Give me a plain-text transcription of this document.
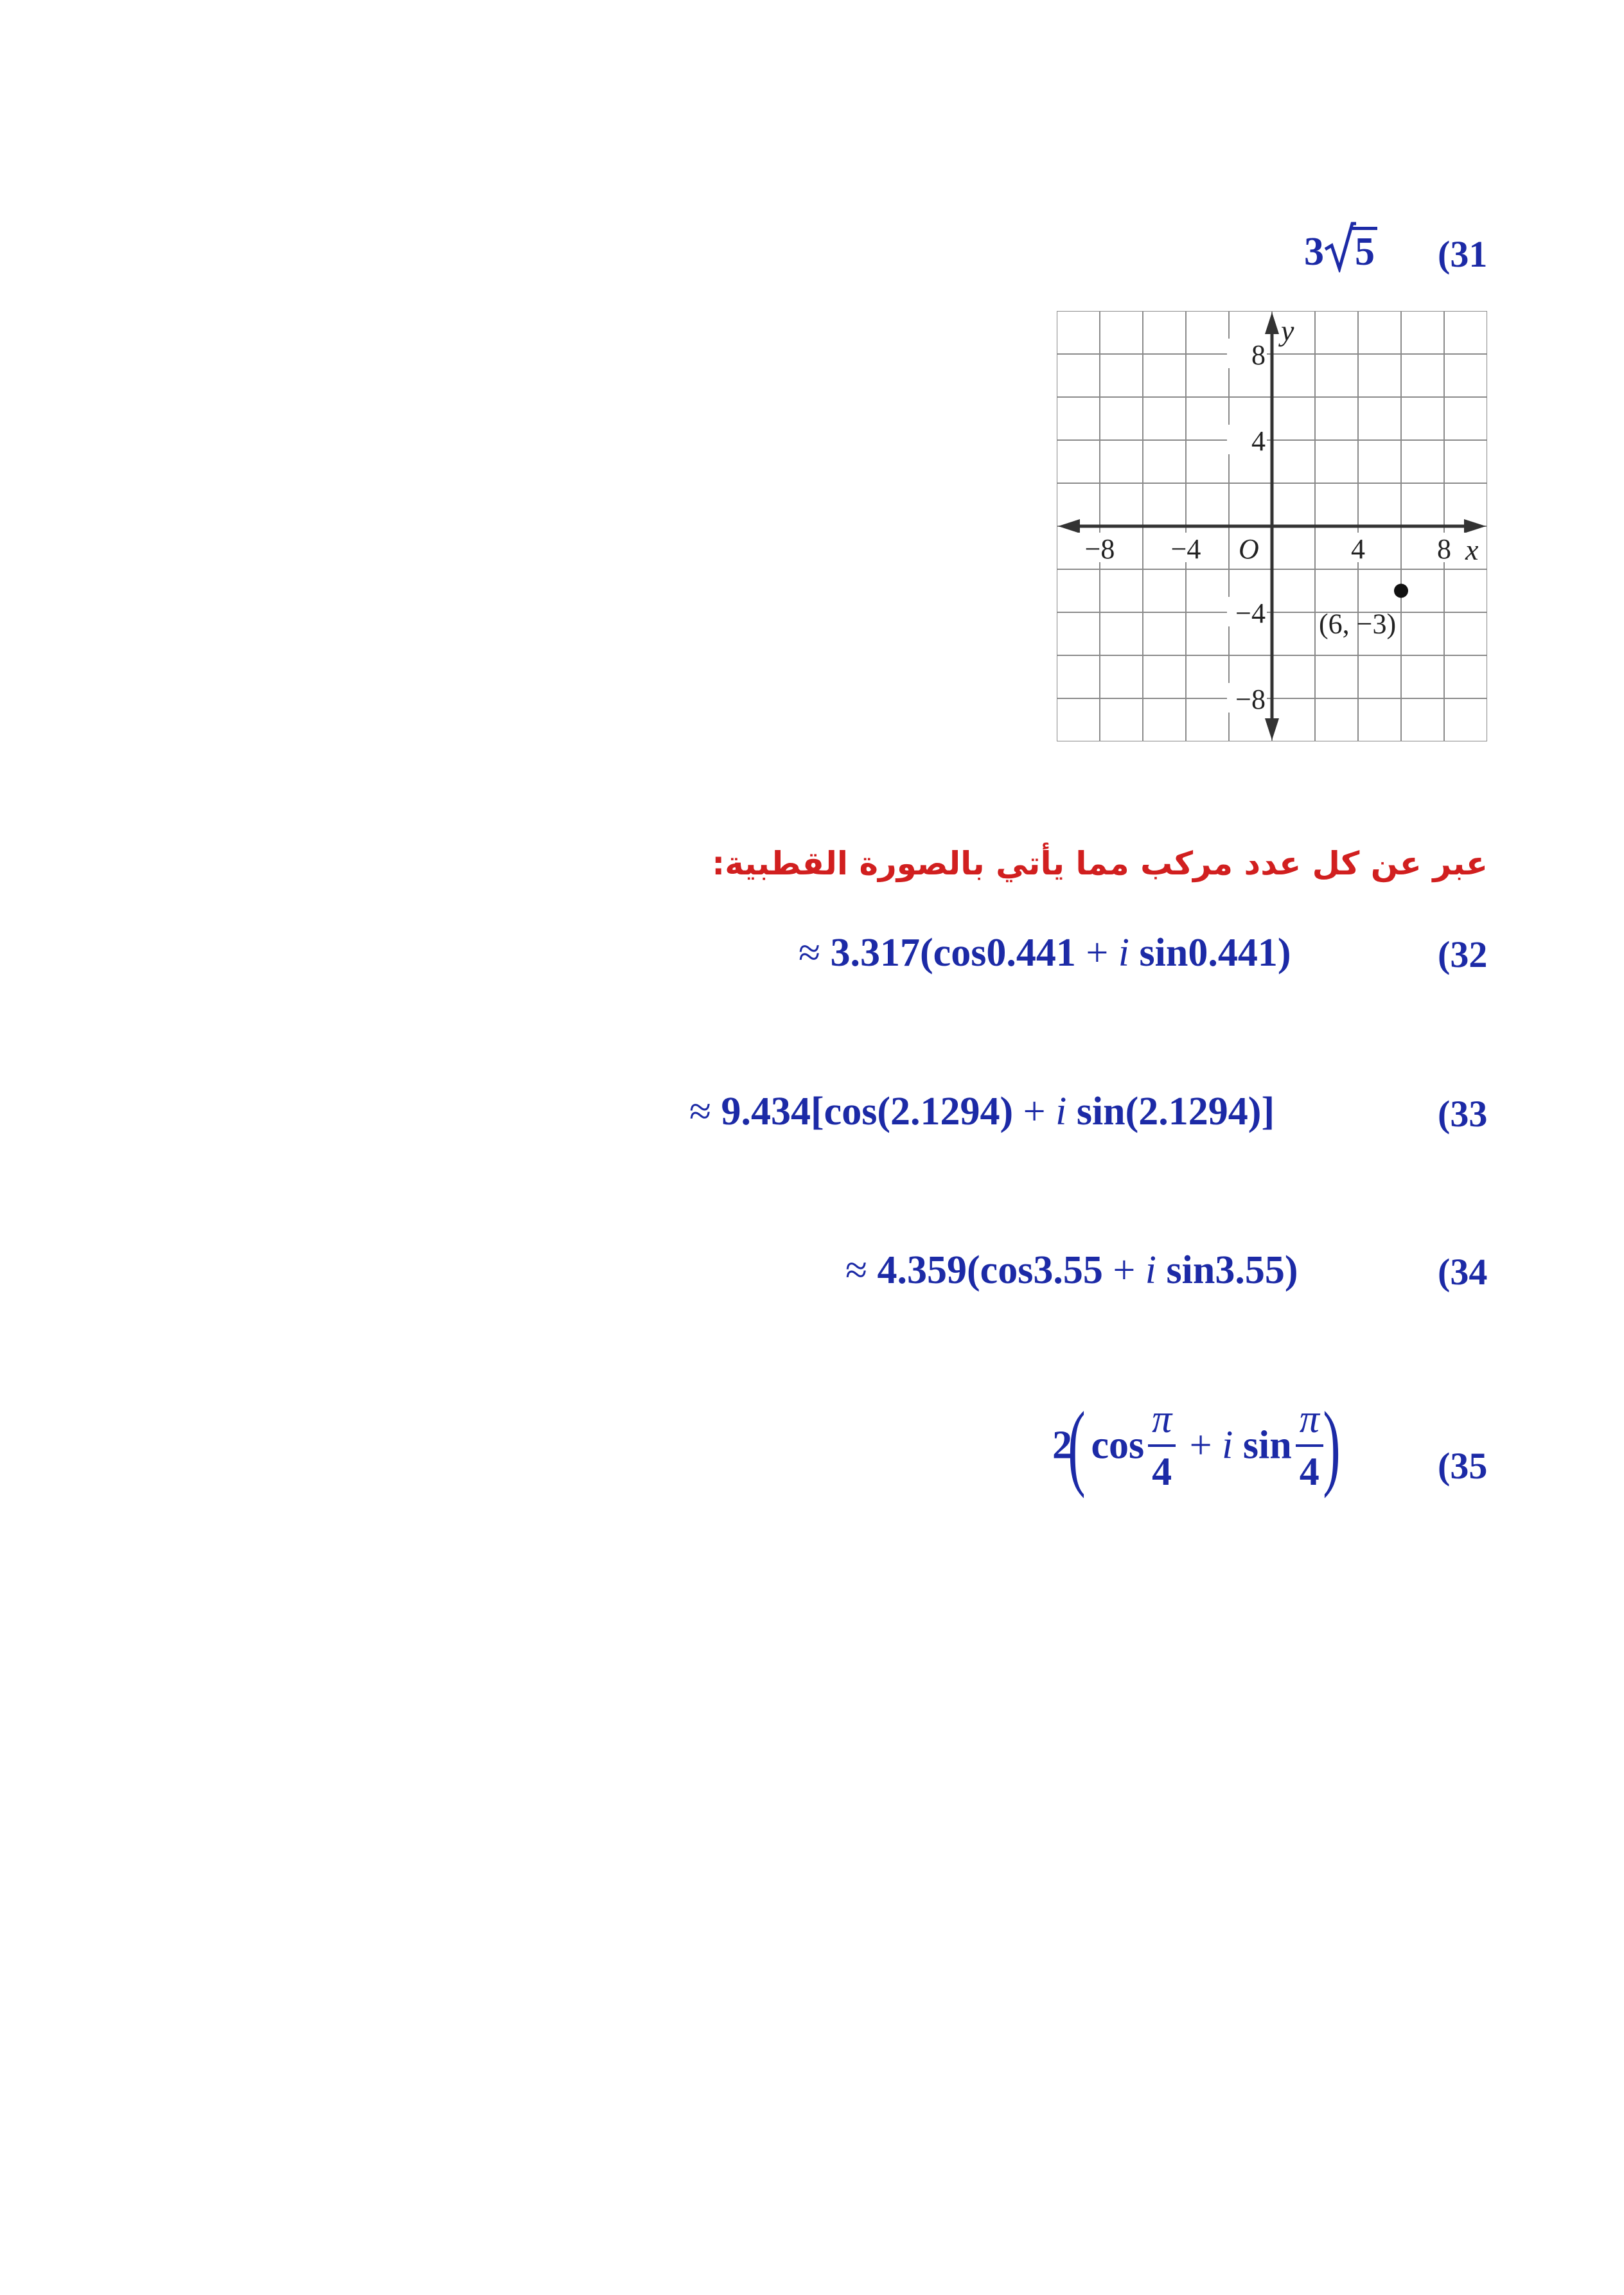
(31
3 5
−8 −4	4	8
8
4
−4
−8
x
y
O
(6, −3)
عبر عن كل عدد مركب مما يأتي بالصورة القطبية:
≈ 3.317(cos0.441 + i sin0.441)	(32
≈ 9.434[cos(2.1294) + i sin(2.1294)]	(33
≈ 4.359(cos3.55 + i sin3.55)	(34
2( $\cos \frac{\pi}{4} + i$ $\sin \frac{\pi}{4}$ )	(35
